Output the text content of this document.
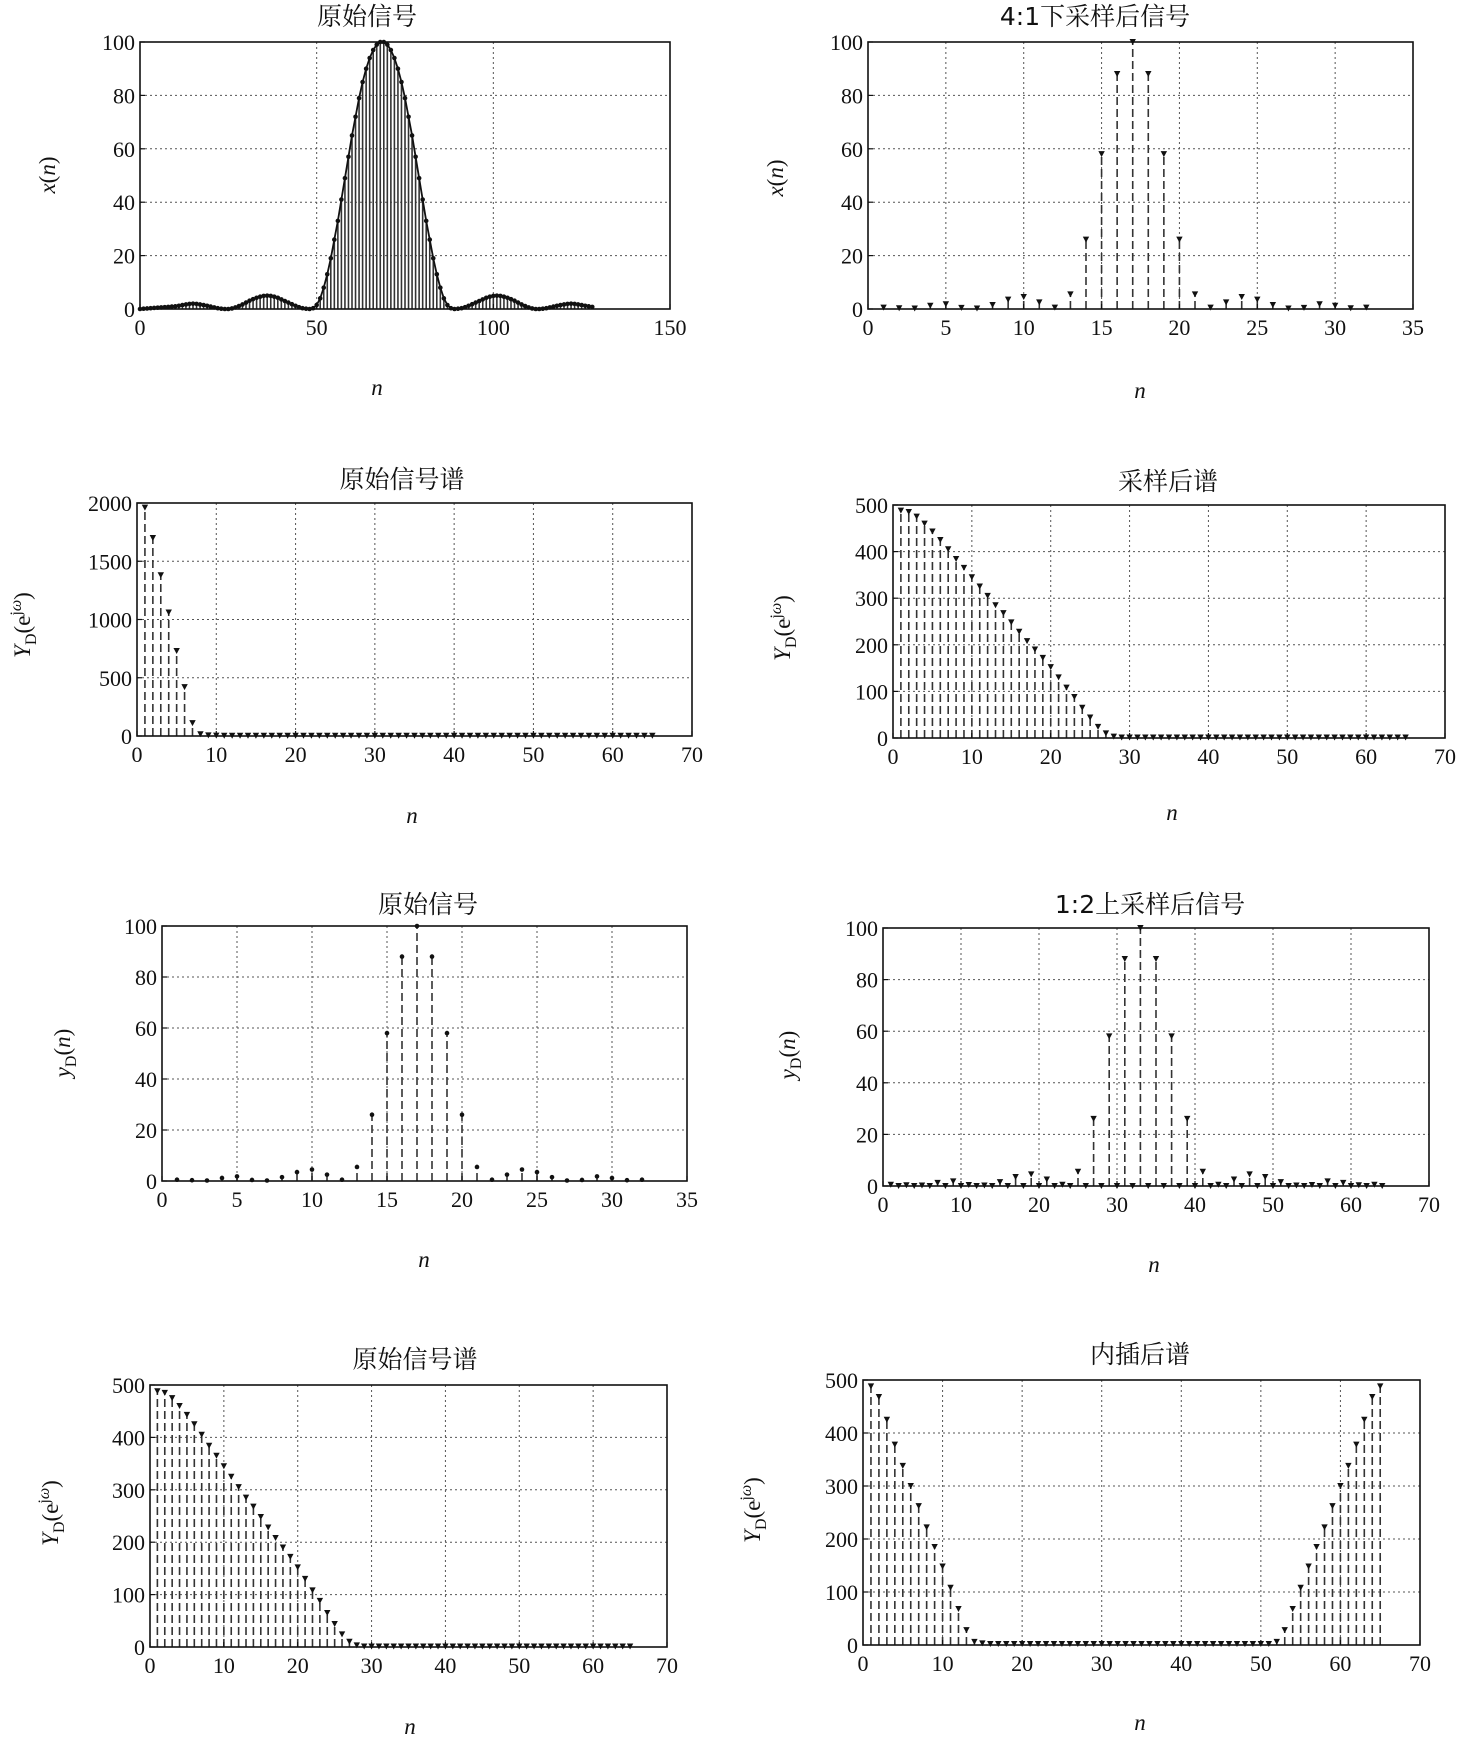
原始信号
0	50	100	150
0
20
40
60
80
100
n
x(n)
4:1下采样后信号
0	5	10	15	20	25	30	35
0
20
40
60
80
100
n
x(n)
原始信号谱
0	10	20	30	40	50	60	70
0
500
1000
1500
2000
n
$Y_D(e^j\omega)$
采样后谱
0	10	20	30	40	50	60	70
0
100
200
300
400
500
n
$Y_D(e^j\omega)$
原始信号
0	5	10 15 20 25 30 35
0
20
40
60
80
100
n
$y_D(n)$
1:2上采样后信号
0	10	20	30	40	50	60	70
0
20
40
60
80
100
n
$y_D(n)$
原始信号谱
0	10 20 30 40 50 60 70
0
100
200
300
400
500
n
$Y_D(e^j\omega)$
内插后谱
0	10	20	30	40	50	60	70
0
100
200
300
400
500
n
$Y_D(e^j\omega)$
